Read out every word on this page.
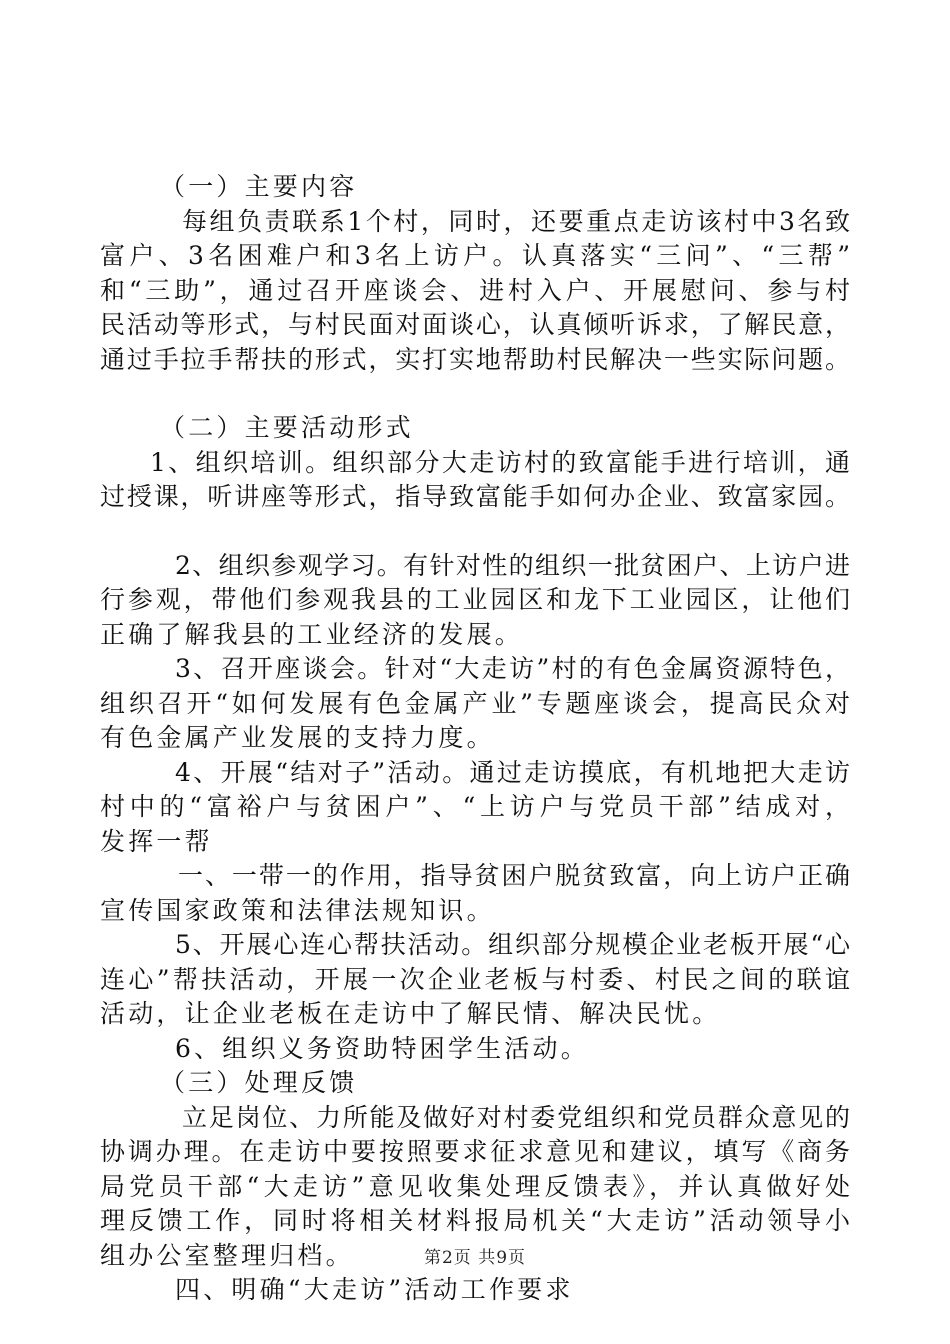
（一）主要内容
每组负责联系1个村，同时，还要重点走访该村中3名致
富户、3名困难户和3名上访户。认真落实“三问”、“三帮”
和“三助”，通过召开座谈会、进村入户、开展慰问、参与村
民活动等形式，与村民面对面谈心，认真倾听诉求，了解民意，
通过手拉手帮扶的形式，实打实地帮助村民解决一些实际问题。
（二）主要活动形式
1、组织培训。组织部分大走访村的致富能手进行培训，通
过授课，听讲座等形式，指导致富能手如何办企业、致富家园。
2、组织参观学习。有针对性的组织一批贫困户、上访户进
行参观，带他们参观我县的工业园区和龙下工业园区，让他们
正确了解我县的工业经济的发展。
3、召开座谈会。针对“大走访”村的有色金属资源特色，
组织召开“如何发展有色金属产业”专题座谈会，提高民众对
有色金属产业发展的支持力度。
4、开展“结对子”活动。通过走访摸底，有机地把大走访
村中的“富裕户与贫困户”、“上访户与党员干部”结成对，
发挥一帮
一、一带一的作用，指导贫困户脱贫致富，向上访户正确
宣传国家政策和法律法规知识。
5、开展心连心帮扶活动。组织部分规模企业老板开展“心
连心”帮扶活动，开展一次企业老板与村委、村民之间的联谊
活动，让企业老板在走访中了解民情、解决民忧。
6、组织义务资助特困学生活动。
（三）处理反馈
立足岗位、力所能及做好对村委党组织和党员群众意见的
协调办理。在走访中要按照要求征求意见和建议，填写《商务
局党员干部“大走访”意见收集处理反馈表》，并认真做好处
理反馈工作，同时将相关材料报局机关“大走访”活动领导小
组办公室整理归档。
四、明确“大走访”活动工作要求
第2页 共9页
